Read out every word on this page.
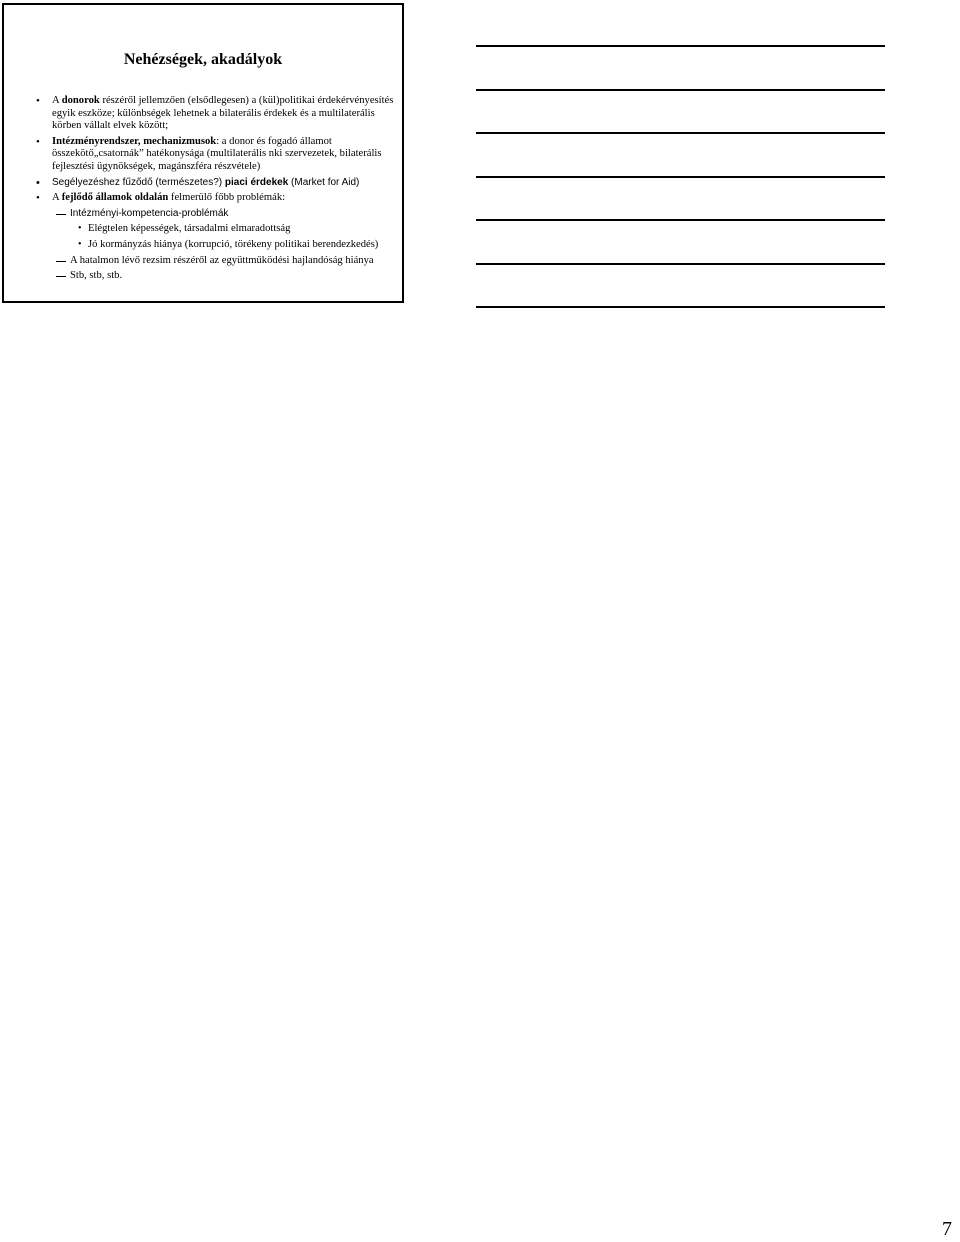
Nehézségek, akadályok
• A donorok részéről jellemzően (elsődlegesen) a (kül)politikai érdekérvényesítés egyik eszköze; különbségek lehetnek a bilaterális érdekek és a multilaterális körben vállalt elvek között;
• Intézményrendszer, mechanizmusok: a donor és fogadó államot összekötő„csatornák” hatékonysága (multilaterális nki szervezetek, bilaterális fejlesztési ügynökségek, magánszféra részvétele)
• Segélyezéshez fűződő (természetes?) piaci érdekek (Market for Aid)
• A fejlődő államok oldalán felmerülő főbb problémák:
Intézményi-kompetencia-problémák
• Elégtelen képességek, társadalmi elmaradottság
• Jó kormányzás hiánya (korrupció, törékeny politikai berendezkedés)
A hatalmon lévő rezsim részéről az együttműködési hajlandóság hiánya
Stb, stb, stb.
7
